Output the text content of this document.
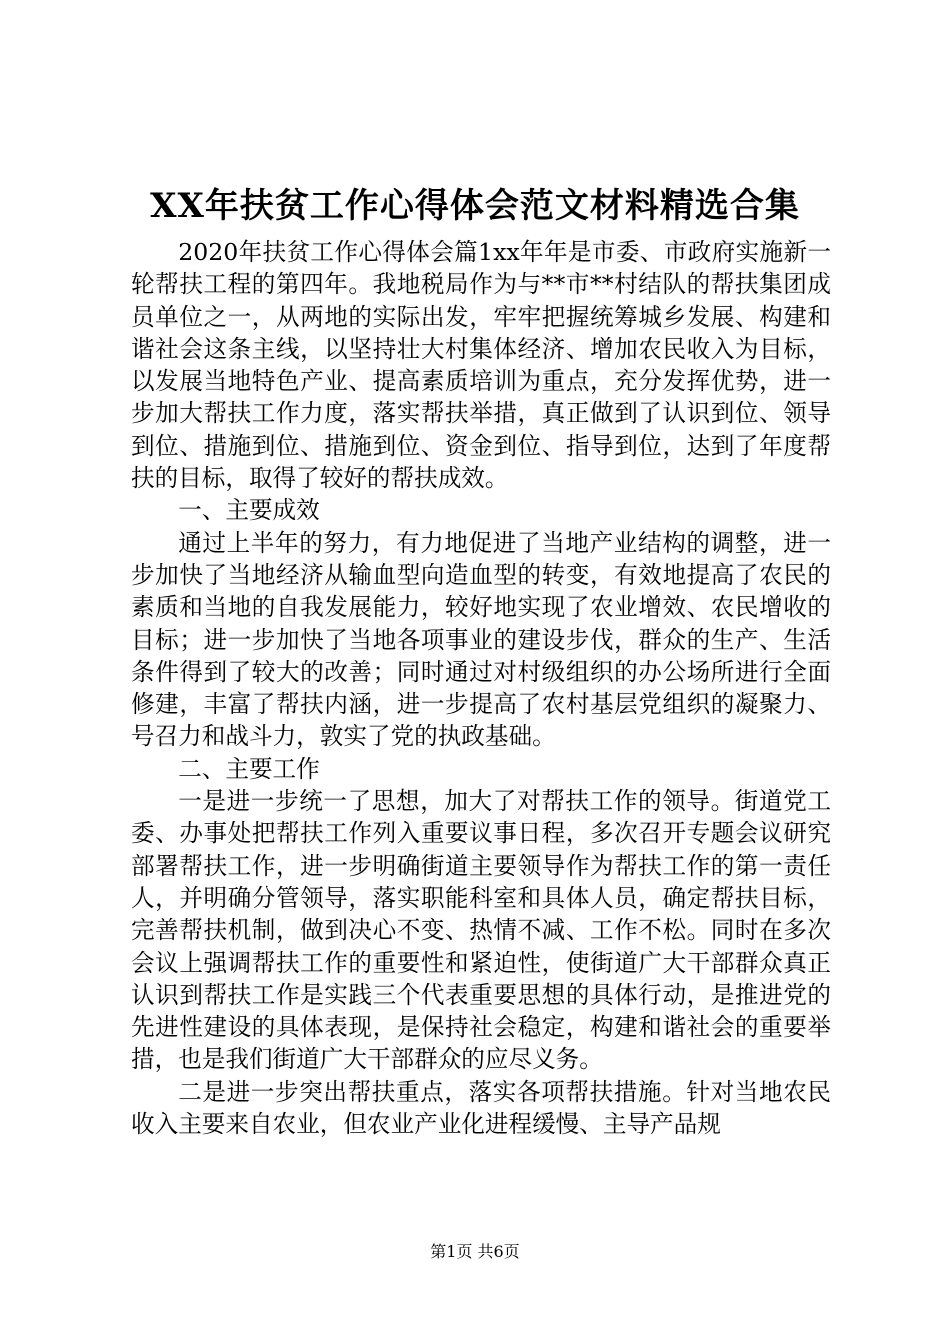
XX年扶贫工作心得体会范文材料精选合集

2020年扶贫工作心得体会篇1xx年年是市委、市政府实施新一轮帮扶工程的第四年。我地税局作为与**市**村结队的帮扶集团成员单位之一，从两地的实际出发，牢牢把握统筹城乡发展、构建和谐社会这条主线，以坚持壮大村集体经济、增加农民收入为目标，以发展当地特色产业、提高素质培训为重点，充分发挥优势，进一步加大帮扶工作力度，落实帮扶举措，真正做到了认识到位、领导到位、措施到位、措施到位、资金到位、指导到位，达到了年度帮扶的目标，取得了较好的帮扶成效。

一、主要成效

通过上半年的努力，有力地促进了当地产业结构的调整，进一步加快了当地经济从输血型向造血型的转变，有效地提高了农民的素质和当地的自我发展能力，较好地实现了农业增效、农民增收的目标；进一步加快了当地各项事业的建设步伐，群众的生产、生活条件得到了较大的改善；同时通过对村级组织的办公场所进行全面修建，丰富了帮扶内涵，进一步提高了农村基层党组织的凝聚力、号召力和战斗力，敦实了党的执政基础。

二、主要工作

一是进一步统一了思想，加大了对帮扶工作的领导。街道党工委、办事处把帮扶工作列入重要议事日程，多次召开专题会议研究部署帮扶工作，进一步明确街道主要领导作为帮扶工作的第一责任人，并明确分管领导，落实职能科室和具体人员，确定帮扶目标，完善帮扶机制，做到决心不变、热情不减、工作不松。同时在多次会议上强调帮扶工作的重要性和紧迫性，使街道广大干部群众真正认识到帮扶工作是实践三个代表重要思想的具体行动，是推进党的先进性建设的具体表现，是保持社会稳定，构建和谐社会的重要举措，也是我们街道广大干部群众的应尽义务。

二是进一步突出帮扶重点，落实各项帮扶措施。针对当地农民收入主要来自农业，但农业产业化进程缓慢、主导产品规

第1页 共6页
